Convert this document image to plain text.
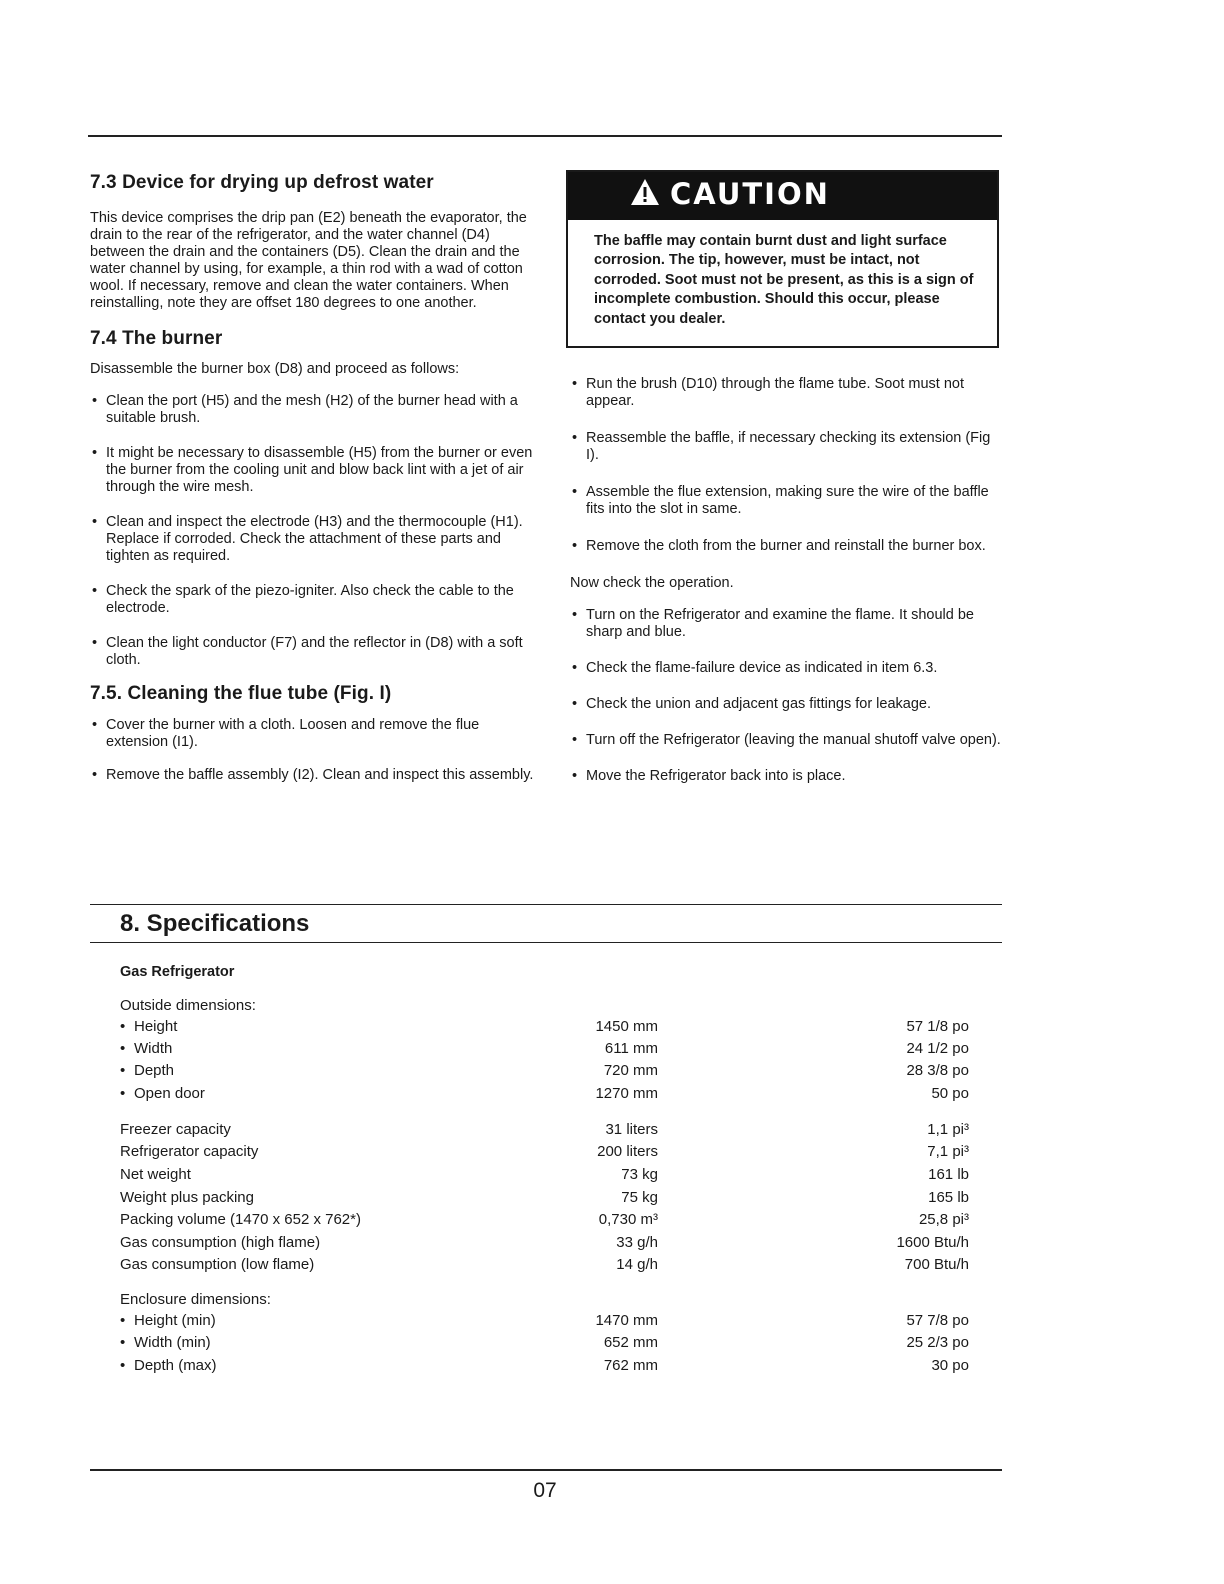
7.3 Device for drying up defrost water

This device comprises the drip pan (E2) beneath the evaporator, the drain to the rear of the refrigerator, and the water channel (D4) between the drain and the containers (D5). Clean the drain and the water channel by using, for example, a thin rod with a wad of cotton wool. If necessary, remove and clean the water containers. When reinstalling, note they are offset 180 degrees to one another.

7.4 The burner

Disassemble the burner box (D8) and proceed as follows:

• Clean the port (H5) and the mesh (H2) of the burner head with a suitable brush.
• It might be necessary to disassemble (H5) from the burner or even the burner from the cooling unit and blow back lint with a jet of air through the wire mesh.
• Clean and inspect the electrode (H3) and the thermocouple (H1). Replace if corroded. Check the attachment of these parts and tighten as required.
• Check the spark of the piezo-igniter. Also check the cable to the electrode.
• Clean the light conductor (F7) and the reflector in (D8) with a soft cloth.
7.5. Cleaning the flue tube (Fig. I)
• Cover the burner with a cloth. Loosen and remove the flue extension (I1).
• Remove the baffle assembly (I2). Clean and inspect this assembly.
CAUTION
The baffle may contain burnt dust and light surface corrosion. The tip, however, must be intact, not corroded. Soot must not be present, as this is a sign of incomplete combustion. Should this occur, please contact you dealer.
• Run the brush (D10) through the flame tube. Soot must not appear.
• Reassemble the baffle, if necessary checking its extension (Fig I).
• Assemble the flue extension, making sure the wire of the baffle fits into the slot in same.
• Remove the cloth from the burner and reinstall the burner box.

Now check the operation.

• Turn on the Refrigerator and examine the flame. It should be sharp and blue.
• Check the flame-failure device as indicated in item 6.3.
• Check the union and adjacent gas fittings for leakage.
• Turn off the Refrigerator (leaving the manual shutoff valve open).
• Move the Refrigerator back into is place.
8. Specifications
Gas Refrigerator
Outside dimensions:
• Height	1450 mm	57 1/8 po
• Width	611 mm	24 1/2 po
• Depth	720 mm	28 3/8 po
• Open door	1270 mm	50 po
Freezer capacity	31 liters	1,1 pi³
Refrigerator capacity	200 liters	7,1 pi³
Net weight	73 kg	161 lb
Weight plus packing	75 kg	165 lb
Packing volume (1470 x 652 x 762*)	0,730 m³	25,8 pi³
Gas consumption (high flame)	33 g/h	1600 Btu/h
Gas consumption (low flame)	14 g/h	700 Btu/h
Enclosure dimensions:
• Height (min)	1470 mm	57 7/8 po
• Width (min)	652 mm	25 2/3 po
• Depth (max)	762 mm	30 po
07
